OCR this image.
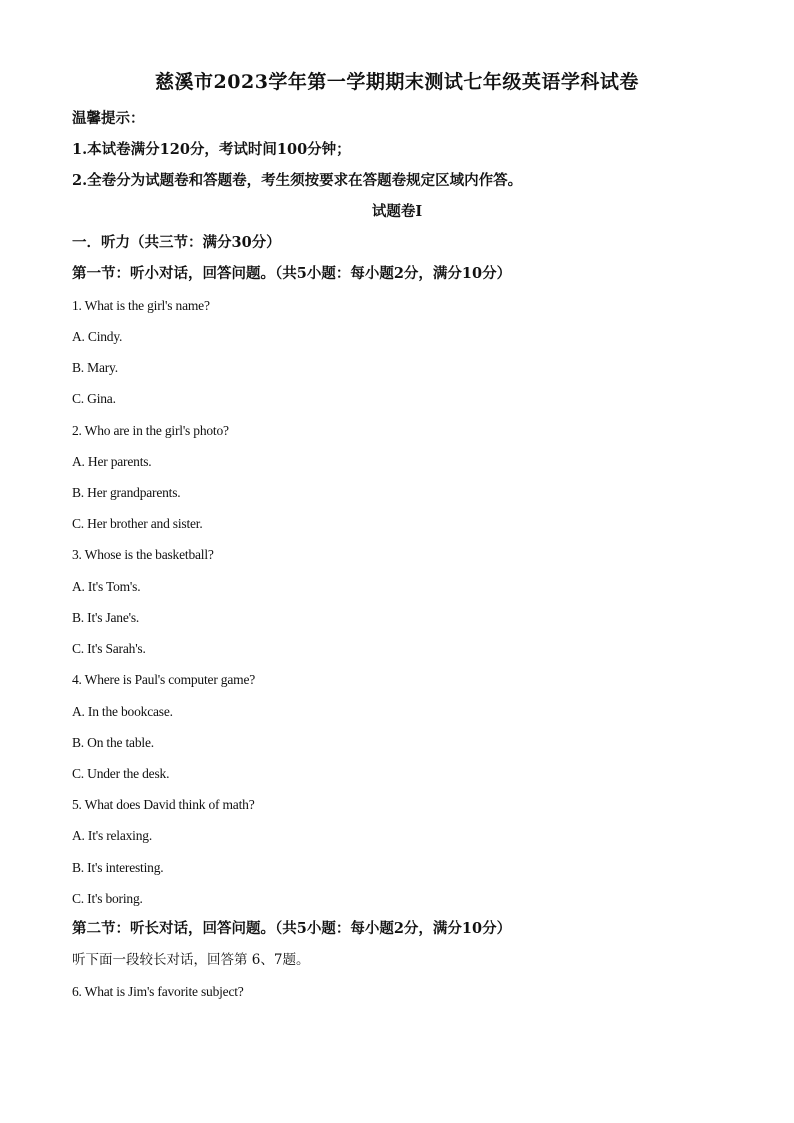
慈溪市2023学年第一学期期末测试七年级英语学科试卷
温馨提示：
1.本试卷满分120分，考试时间100分钟；
2.全卷分为试题卷和答题卷，考生须按要求在答题卷规定区域内作答。
试题卷I
一．听力（共三节：满分30分）
第一节：听小对话，回答问题。（共5小题：每小题2分，满分10分）
1. What is the girl's name?
A. Cindy.
B. Mary.
C. Gina.
2. Who are in the girl's photo?
A. Her parents.
B. Her grandparents.
C. Her brother and sister.
3. Whose is the basketball?
A. It's Tom's.
B. It's Jane's.
C. It's Sarah's.
4. Where is Paul's computer game?
A. In the bookcase.
B. On the table.
C. Under the desk.
5. What does David think of math?
A. It's relaxing.
B. It's interesting.
C. It's boring.
第二节：听长对话，回答问题。（共5小题：每小题2分，满分10分）
听下面一段较长对话，回答第 6、7题。
6. What is Jim's favorite subject?
